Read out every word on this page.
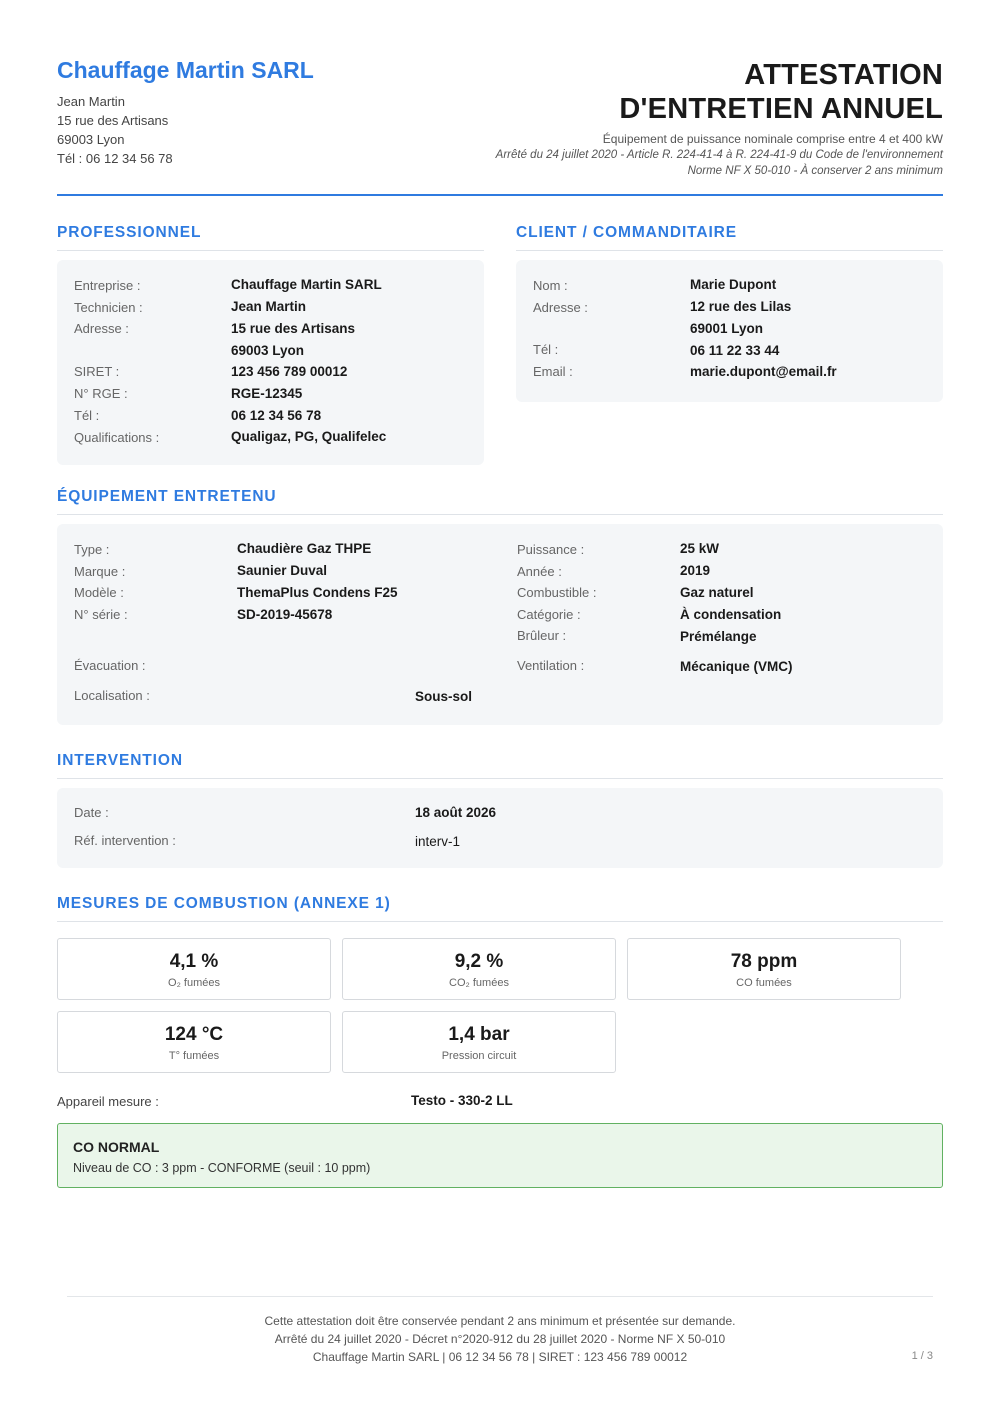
Chauffage Martin SARL
Jean Martin
15 rue des Artisans
69003 Lyon
Tél : 06 12 34 56 78
ATTESTATION
D'ENTRETIEN ANNUEL
Équipement de puissance nominale comprise entre 4 et 400 kW
Arrêté du 24 juillet 2020 - Article R. 224-41-4 à R. 224-41-9 du Code de l'environnement
Norme NF X 50-010 - À conserver 2 ans minimum
PROFESSIONNEL
Entreprise :	Chauffage Martin SARL
Technicien :	Jean Martin
Adresse :	15 rue des Artisans
69003 Lyon
SIRET :	123 456 789 00012
N° RGE :	RGE-12345
Tél :	06 12 34 56 78
Qualifications :	Qualigaz, PG, Qualifelec
CLIENT / COMMANDITAIRE
Nom :	Marie Dupont
Adresse :	12 rue des Lilas
69001 Lyon
Tél :	06 11 22 33 44
Email :	marie.dupont@email.fr
ÉQUIPEMENT ENTRETENU
Type :	Chaudière Gaz THPE
Marque :	Saunier Duval
Modèle :	ThemaPlus Condens F25
N° série :	SD-2019-45678
Évacuation :
Localisation :	Sous-sol
Puissance :	25 kW
Année :	2019
Combustible :	Gaz naturel
Catégorie :	À condensation
Brûleur :	Prémélange
Ventilation :	Mécanique (VMC)
INTERVENTION
Date :	18 août 2026
Réf. intervention :	interv-1
MESURES DE COMBUSTION (ANNEXE 1)
4,1 %
O₂ fumées
9,2 %
CO₂ fumées
78 ppm
CO fumées
124 °C
T° fumées
1,4 bar
Pression circuit
Appareil mesure :	Testo - 330-2 LL
CO NORMAL
Niveau de CO : 3 ppm - CONFORME (seuil : 10 ppm)
Cette attestation doit être conservée pendant 2 ans minimum et présentée sur demande.
Arrêté du 24 juillet 2020 - Décret n°2020-912 du 28 juillet 2020 - Norme NF X 50-010
Chauffage Martin SARL | 06 12 34 56 78 | SIRET : 123 456 789 00012	1 / 3
